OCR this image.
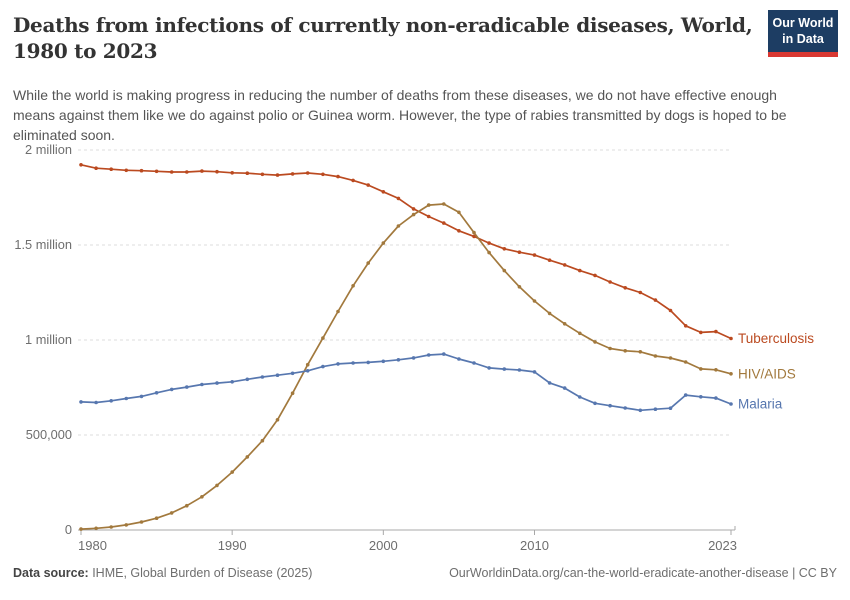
Deaths from infections of currently non-eradicable diseases, World, 1980 to 2023
Our World
in Data
While the world is making progress in reducing the number of deaths from these diseases, we do not have effective enough means against them like we do against polio or Guinea worm. However, the type of rabies transmitted by dogs is hoped to be eliminated soon.
0
500,000
1 million
1.5 million
2 million
1980	1990	2000	2010	2023
Tuberculosis
HIV/AIDS
Malaria
Data source: IHME, Global Burden of Disease (2025)	OurWorldinData.org/can-the-world-eradicate-another-disease | CC BY
